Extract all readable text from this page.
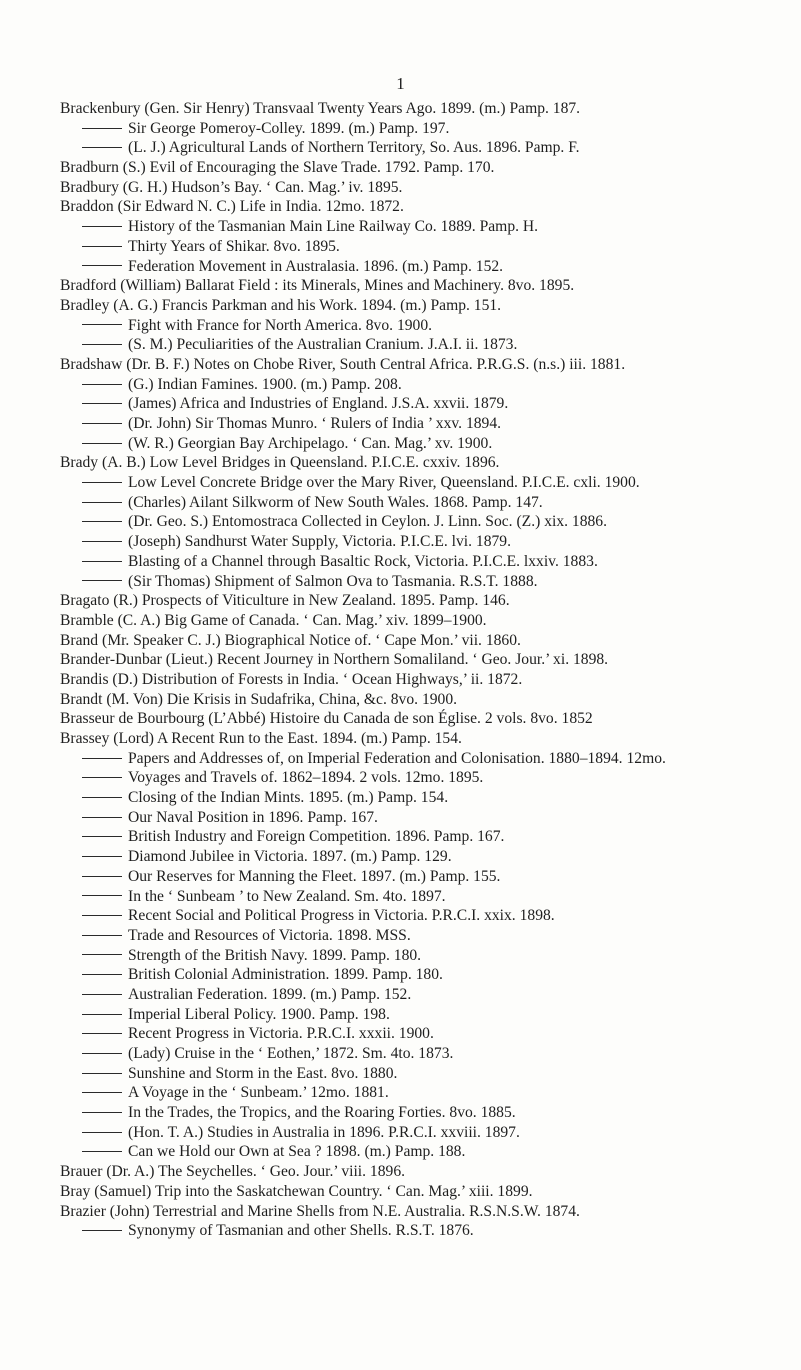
1
Brackenbury (Gen. Sir Henry) Transvaal Twenty Years Ago. 1899. (m.) Pamp. 187.
Sir George Pomeroy-Colley. 1899. (m.) Pamp. 197.
(L. J.) Agricultural Lands of Northern Territory, So. Aus. 1896. Pamp. F.
Bradburn (S.) Evil of Encouraging the Slave Trade. 1792. Pamp. 170.
Bradbury (G. H.) Hudson’s Bay. ‘ Can. Mag.’ iv. 1895.
Braddon (Sir Edward N. C.) Life in India. 12mo. 1872.
History of the Tasmanian Main Line Railway Co. 1889. Pamp. H.
Thirty Years of Shikar. 8vo. 1895.
Federation Movement in Australasia. 1896. (m.) Pamp. 152.
Bradford (William) Ballarat Field : its Minerals, Mines and Machinery. 8vo. 1895.
Bradley (A. G.) Francis Parkman and his Work. 1894. (m.) Pamp. 151.
Fight with France for North America. 8vo. 1900.
(S. M.) Peculiarities of the Australian Cranium. J.A.I. ii. 1873.
Bradshaw (Dr. B. F.) Notes on Chobe River, South Central Africa. P.R.G.S. (n.s.) iii. 1881.
(G.) Indian Famines. 1900. (m.) Pamp. 208.
(James) Africa and Industries of England. J.S.A. xxvii. 1879.
(Dr. John) Sir Thomas Munro. ‘ Rulers of India ’ xxv. 1894.
(W. R.) Georgian Bay Archipelago. ‘ Can. Mag.’ xv. 1900.
Brady (A. B.) Low Level Bridges in Queensland. P.I.C.E. cxxiv. 1896.
Low Level Concrete Bridge over the Mary River, Queensland. P.I.C.E. cxli. 1900.
(Charles) Ailant Silkworm of New South Wales. 1868. Pamp. 147.
(Dr. Geo. S.) Entomostraca Collected in Ceylon. J. Linn. Soc. (Z.) xix. 1886.
(Joseph) Sandhurst Water Supply, Victoria. P.I.C.E. lvi. 1879.
Blasting of a Channel through Basaltic Rock, Victoria. P.I.C.E. lxxiv. 1883.
(Sir Thomas) Shipment of Salmon Ova to Tasmania. R.S.T. 1888.
Bragato (R.) Prospects of Viticulture in New Zealand. 1895. Pamp. 146.
Bramble (C. A.) Big Game of Canada. ‘ Can. Mag.’ xiv. 1899–1900.
Brand (Mr. Speaker C. J.) Biographical Notice of. ‘ Cape Mon.’ vii. 1860.
Brander-Dunbar (Lieut.) Recent Journey in Northern Somaliland. ‘ Geo. Jour.’ xi. 1898.
Brandis (D.) Distribution of Forests in India. ‘ Ocean Highways,’ ii. 1872.
Brandt (M. Von) Die Krisis in Sudafrika, China, &c. 8vo. 1900.
Brasseur de Bourbourg (L’Abbé) Histoire du Canada de son Église. 2 vols. 8vo. 1852
Brassey (Lord) A Recent Run to the East. 1894. (m.) Pamp. 154.
Papers and Addresses of, on Imperial Federation and Colonisation. 1880–1894. 12mo.
Voyages and Travels of. 1862–1894. 2 vols. 12mo. 1895.
Closing of the Indian Mints. 1895. (m.) Pamp. 154.
Our Naval Position in 1896. Pamp. 167.
British Industry and Foreign Competition. 1896. Pamp. 167.
Diamond Jubilee in Victoria. 1897. (m.) Pamp. 129.
Our Reserves for Manning the Fleet. 1897. (m.) Pamp. 155.
In the ‘ Sunbeam ’ to New Zealand. Sm. 4to. 1897.
Recent Social and Political Progress in Victoria. P.R.C.I. xxix. 1898.
Trade and Resources of Victoria. 1898. MSS.
Strength of the British Navy. 1899. Pamp. 180.
British Colonial Administration. 1899. Pamp. 180.
Australian Federation. 1899. (m.) Pamp. 152.
Imperial Liberal Policy. 1900. Pamp. 198.
Recent Progress in Victoria. P.R.C.I. xxxii. 1900.
(Lady) Cruise in the ‘ Eothen,’ 1872. Sm. 4to. 1873.
Sunshine and Storm in the East. 8vo. 1880.
A Voyage in the ‘ Sunbeam.’ 12mo. 1881.
In the Trades, the Tropics, and the Roaring Forties. 8vo. 1885.
(Hon. T. A.) Studies in Australia in 1896. P.R.C.I. xxviii. 1897.
Can we Hold our Own at Sea ? 1898. (m.) Pamp. 188.
Brauer (Dr. A.) The Seychelles. ‘ Geo. Jour.’ viii. 1896.
Bray (Samuel) Trip into the Saskatchewan Country. ‘ Can. Mag.’ xiii. 1899.
Brazier (John) Terrestrial and Marine Shells from N.E. Australia. R.S.N.S.W. 1874.
Synonymy of Tasmanian and other Shells. R.S.T. 1876.
